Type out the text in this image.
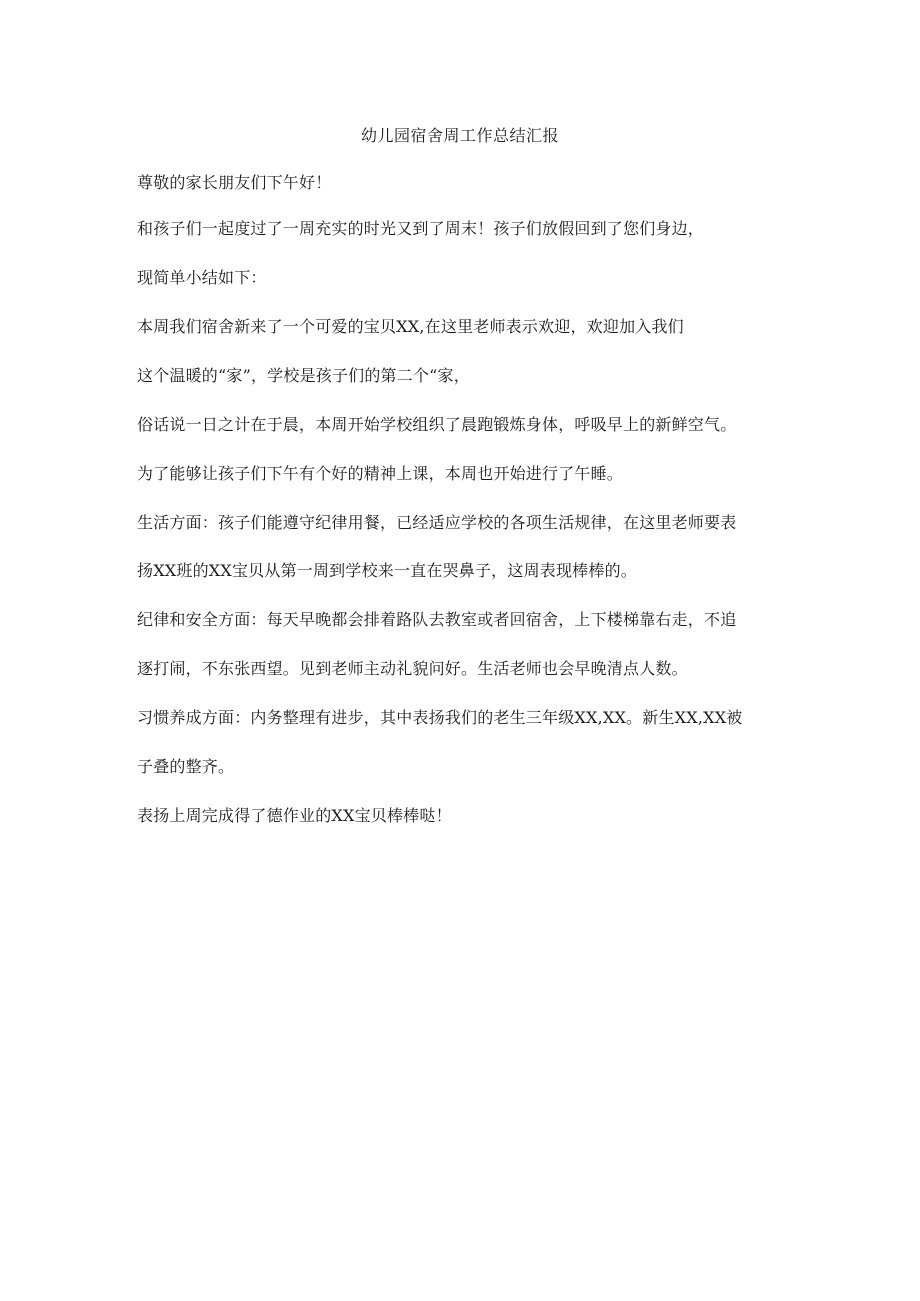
幼儿园宿舍周工作总结汇报
尊敬的家长朋友们下午好！
和孩子们一起度过了一周充实的时光又到了周末！孩子们放假回到了您们身边，
现简单小结如下：
本周我们宿舍新来了一个可爱的宝贝XX,在这里老师表示欢迎，欢迎加入我们
这个温暖的“家”，学校是孩子们的第二个“家，
俗话说一日之计在于晨，本周开始学校组织了晨跑锻炼身体，呼吸早上的新鲜空气。
为了能够让孩子们下午有个好的精神上课，本周也开始进行了午睡。
生活方面：孩子们能遵守纪律用餐，已经适应学校的各项生活规律，在这里老师要表
扬XX班的XX宝贝从第一周到学校来一直在哭鼻子，这周表现棒棒的。
纪律和安全方面：每天早晚都会排着路队去教室或者回宿舍，上下楼梯靠右走，不追
逐打闹，不东张西望。见到老师主动礼貌问好。生活老师也会早晚清点人数。
习惯养成方面：内务整理有进步，其中表扬我们的老生三年级XX,XX。新生XX,XX被
子叠的整齐。
表扬上周完成得了德作业的XX宝贝棒棒哒！
